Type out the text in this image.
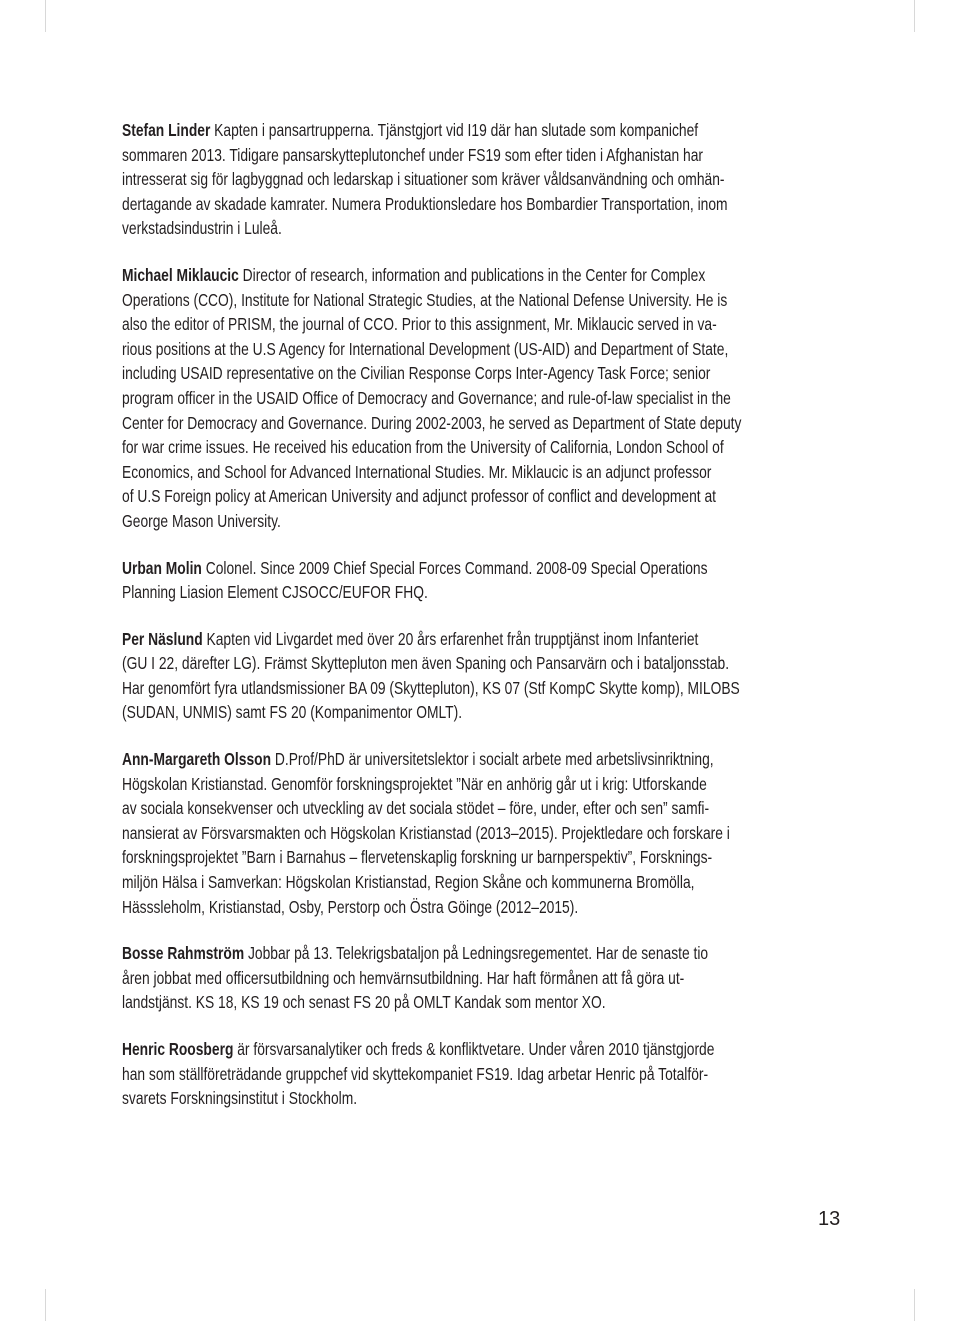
Stefan Linder Kapten i pansartrupperna. Tjänstgjort vid I19 där han slutade som kompanichef
sommaren 2013. Tidigare pansarskytteplutonchef under FS19 som efter tiden i Afghanistan har
intresserat sig för lagbyggnad och ledarskap i situationer som kräver våldsanvändning och omhän-
dertagande av skadade kamrater. Numera Produktionsledare hos Bombardier Transportation, inom
verkstadsindustrin i Luleå.
Michael Miklaucic Director of research, information and publications in the Center for Complex
Operations (CCO), Institute for National Strategic Studies, at the National Defense University. He is
also the editor of PRISM, the journal of CCO. Prior to this assignment, Mr. Miklaucic served in va-
rious positions at the U.S Agency for International Development (US-AID) and Department of State,
including USAID representative on the Civilian Response Corps Inter-Agency Task Force; senior
program officer in the USAID Office of Democracy and Governance; and rule-of-law specialist in the
Center for Democracy and Governance. During 2002-2003, he served as Department of State deputy
for war crime issues. He received his education from the University of California, London School of
Economics, and School for Advanced International Studies. Mr. Miklaucic is an adjunct professor
of U.S Foreign policy at American University and adjunct professor of conflict and development at
George Mason University.
Urban Molin Colonel. Since 2009 Chief Special Forces Command. 2008-09 Special Operations
Planning Liasion Element CJSOCC/EUFOR FHQ.
Per Näslund Kapten vid Livgardet med över 20 års erfarenhet från trupptjänst inom Infanteriet
(GU I 22, därefter LG). Främst Skyttepluton men även Spaning och Pansarvärn och i bataljonsstab.
Har genomfört fyra utlandsmissioner BA 09 (Skyttepluton), KS 07 (Stf KompC Skytte komp), MILOBS
(SUDAN, UNMIS) samt FS 20 (Kompanimentor OMLT).
Ann-Margareth Olsson D.Prof/PhD är universitetslektor i socialt arbete med arbetslivsinriktning,
Högskolan Kristianstad. Genomför forskningsprojektet ”När en anhörig går ut i krig: Utforskande
av sociala konsekvenser och utveckling av det sociala stödet – före, under, efter och sen” samfi-
nansierat av Försvarsmakten och Högskolan Kristianstad (2013–2015). Projektledare och forskare i
forskningsprojektet ”Barn i Barnahus – flervetenskaplig forskning ur barnperspektiv”, Forsknings-
miljön Hälsa i Samverkan: Högskolan Kristianstad, Region Skåne och kommunerna Bromölla,
Hässsleholm, Kristianstad, Osby, Perstorp och Östra Göinge (2012–2015).
Bosse Rahmström Jobbar på 13. Telekrigsbataljon på Ledningsregementet. Har de senaste tio
åren jobbat med officersutbildning och hemvärnsutbildning. Har haft förmånen att få göra ut-
landstjänst. KS 18, KS 19 och senast FS 20 på OMLT Kandak som mentor XO.
Henric Roosberg är försvarsanalytiker och freds & konfliktvetare. Under våren 2010 tjänstgjorde
han som ställföreträdande gruppchef vid skyttekompaniet FS19. Idag arbetar Henric på Totalför-
svarets Forskningsinstitut i Stockholm.
13
